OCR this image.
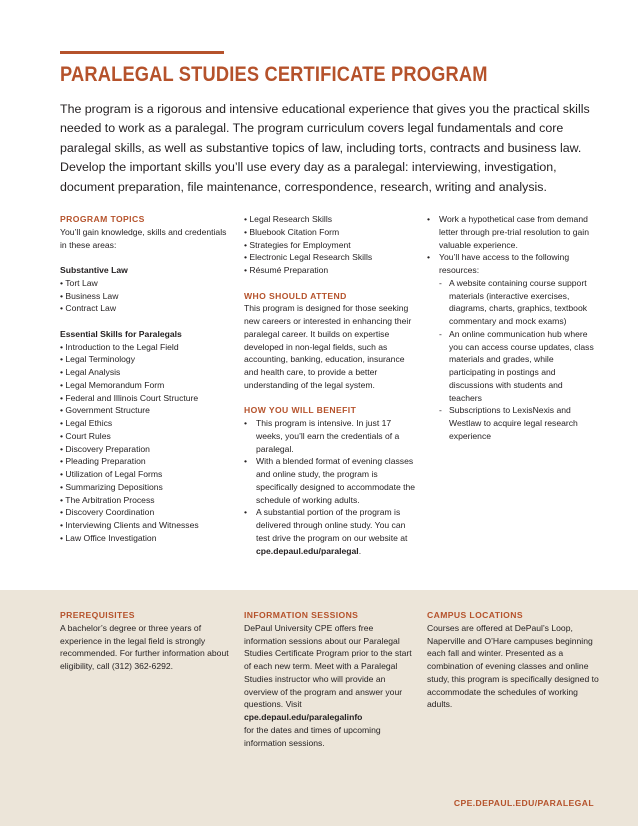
PARALEGAL STUDIES CERTIFICATE PROGRAM

The program is a rigorous and intensive educational experience that gives you the practical skills needed to work as a paralegal. The program curriculum covers legal fundamentals and core paralegal skills, as well as substantive topics of law, including torts, contracts and business law. Develop the important skills you’ll use every day as a paralegal: interviewing, investigation, document preparation, file maintenance, correspondence, research, writing and analysis.

PROGRAM TOPICS

You’ll gain knowledge, skills and credentials in these areas:

Substantive Law

• Tort Law
• Business Law
• Contract Law

Essential Skills for Paralegals

• Introduction to the Legal Field
• Legal Terminology
• Legal Analysis
• Legal Memorandum Form
• Federal and Illinois Court Structure
• Government Structure
• Legal Ethics
• Court Rules
• Discovery Preparation
• Pleading Preparation
• Utilization of Legal Forms
• Summarizing Depositions
• The Arbitration Process
• Discovery Coordination
• Interviewing Clients and Witnesses
• Law Office Investigation
• Legal Research Skills
• Bluebook Citation Form
• Strategies for Employment
• Electronic Legal Research Skills
• Résumé Preparation

WHO SHOULD ATTEND

This program is designed for those seeking new careers or interested in enhancing their paralegal career. It builds on expertise developed in non-legal fields, such as accounting, banking, education, insurance and health care, to provide a better understanding of the legal system.

HOW YOU WILL BENEFIT

• This program is intensive. In just 17 weeks, you’ll earn the credentials of a paralegal.
• With a blended format of evening classes and online study, the program is specifically designed to accommodate the schedule of working adults.
• A substantial portion of the program is delivered through online study. You can test drive the program on our website at cpe.depaul.edu/paralegal.
• Work a hypothetical case from demand letter through pre-trial resolution to gain valuable experience.
• You’ll have access to the following resources:
- A website containing course support materials (interactive exercises, diagrams, charts, graphics, textbook commentary and mock exams)
- An online communication hub where you can access course updates, class materials and grades, while participating in postings and discussions with students and teachers
- Subscriptions to LexisNexis and Westlaw to acquire legal research experience

PREREQUISITES

A bachelor’s degree or three years of experience in the legal field is strongly recommended. For further information about eligibility, call (312) 362-6292.

INFORMATION SESSIONS

DePaul University CPE offers free information sessions about our Paralegal Studies Certificate Program prior to the start of each new term. Meet with a Paralegal Studies instructor who will provide an overview of the program and answer your questions. Visit

cpe.depaul.edu/paralegalinfo

for the dates and times of upcoming information sessions.

CAMPUS LOCATIONS

Courses are offered at DePaul’s Loop, Naperville and O’Hare campuses beginning each fall and winter. Presented as a combination of evening classes and online study, this program is specifically designed to accommodate the schedules of working adults.

CPE.DEPAUL.EDU/PARALEGAL
